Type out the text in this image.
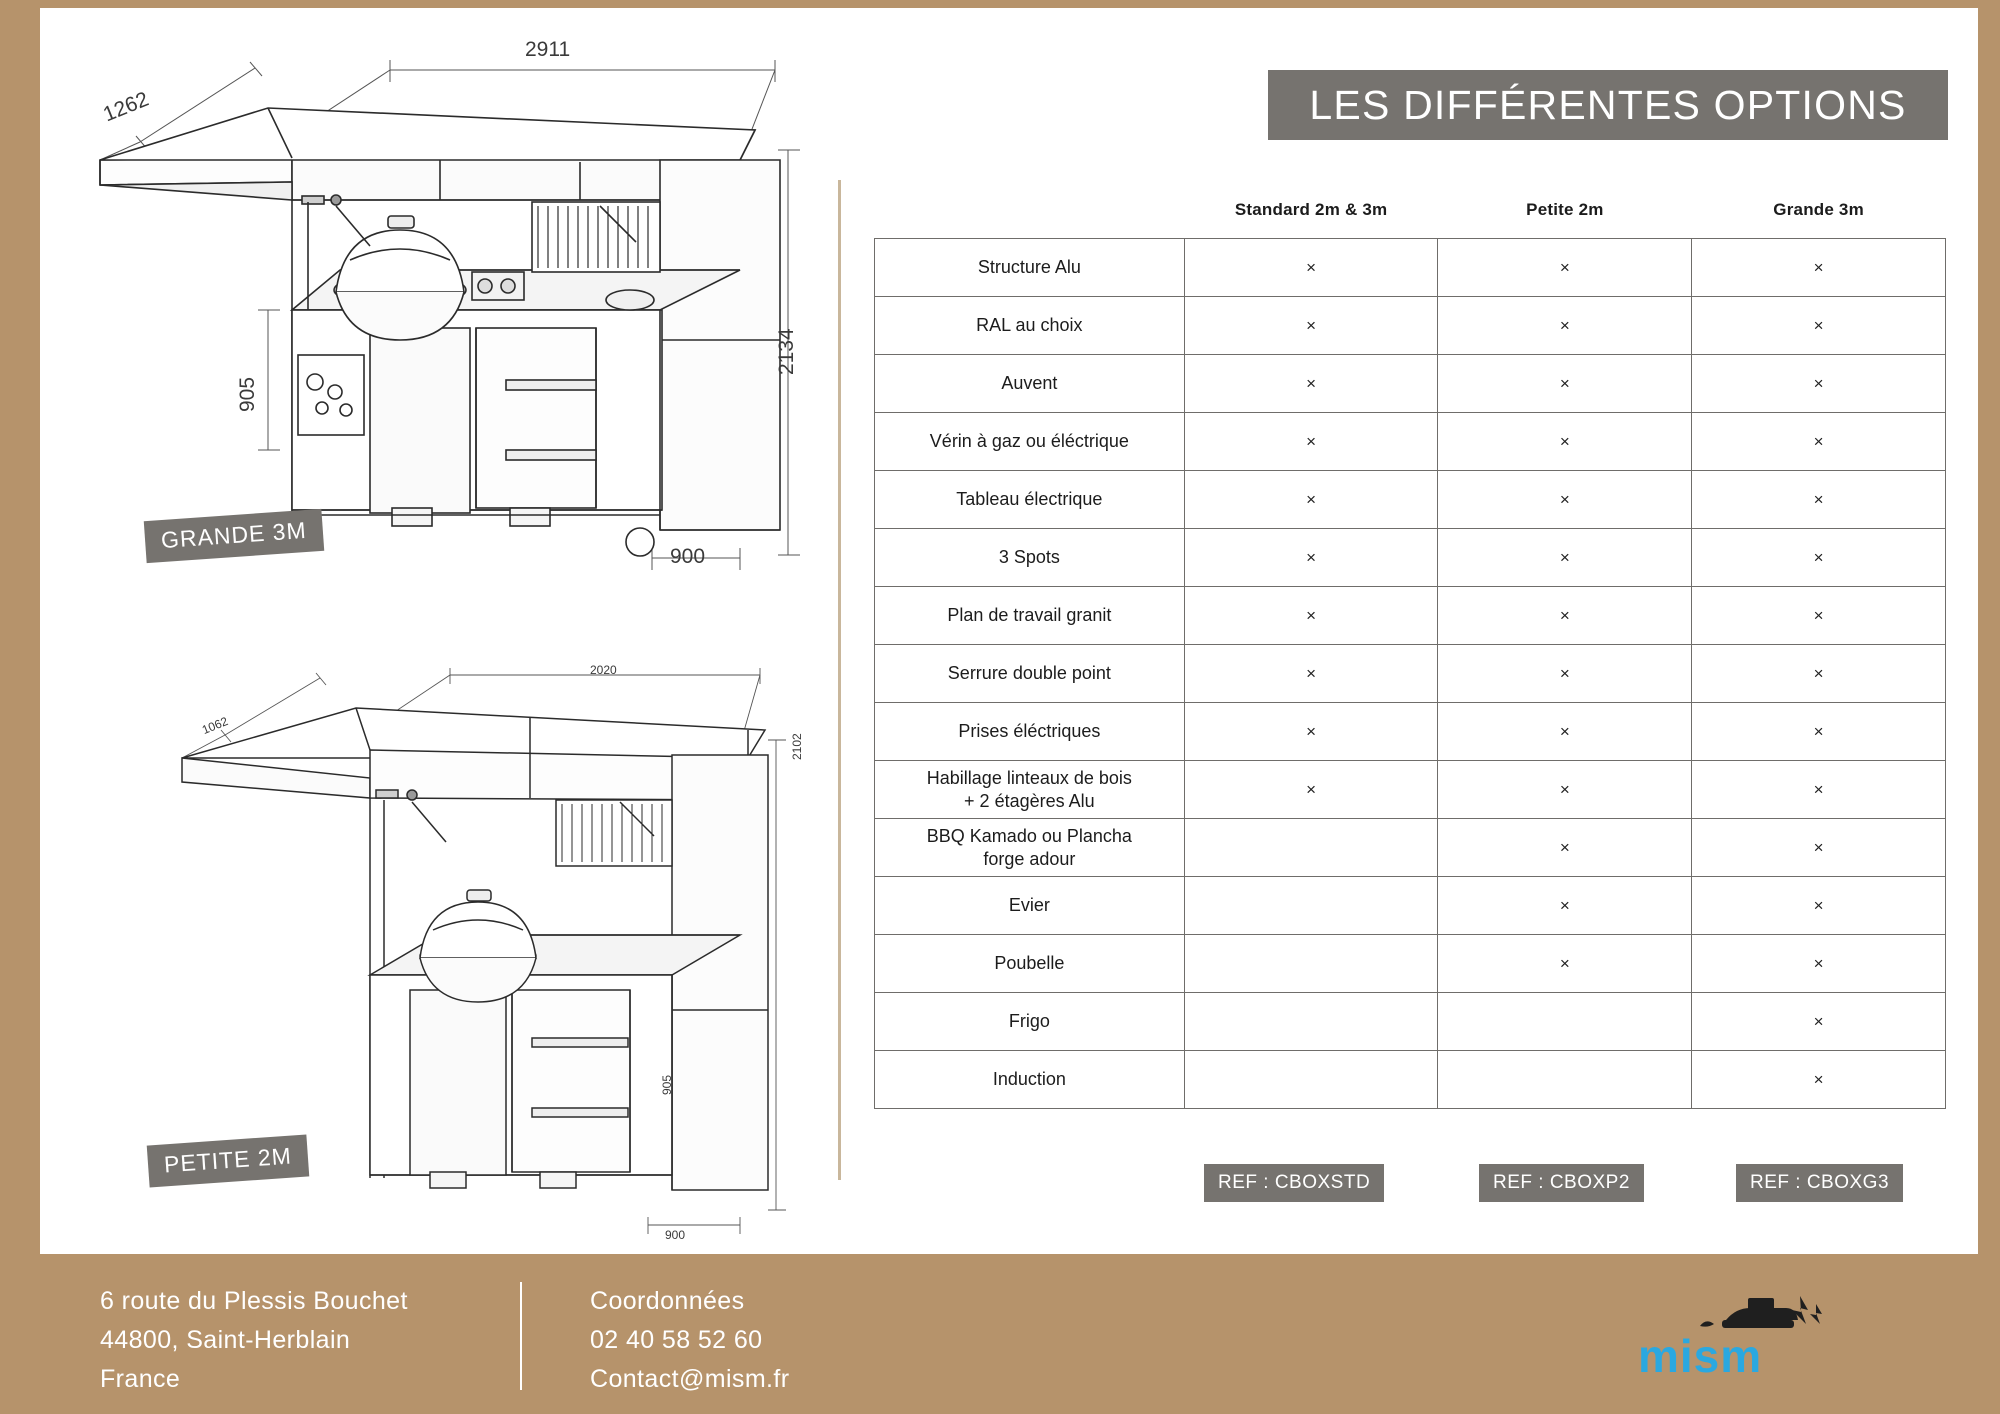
LES DIFFÉRENTES OPTIONS
2911
1262
2134
905
900
GRANDE 3M
2020
1062
2102
905
900
PETITE 2M
	Standard 2m & 3m	Petite 2m	Grande 3m
Structure Alu	×	×	×
RAL au choix	×	×	×
Auvent	×	×	×
Vérin à gaz ou éléctrique	×	×	×
Tableau électrique	×	×	×
3 Spots	×	×	×
Plan de travail granit	×	×	×
Serrure double point	×	×	×
Prises éléctriques	×	×	×

Habillage linteaux de bois
+ 2 étagères Alu	×	×	×

BBQ Kamado ou Plancha
forge adour		×	×
Evier		×	×
Poubelle		×	×
Frigo			×
Induction			×
REF : CBOXSTD	REF : CBOXP2	REF : CBOXG3
6 route du Plessis Bouchet
44800, Saint-Herblain
France
Coordonnées
02 40 58 52 60
Contact@mism.fr	mism
